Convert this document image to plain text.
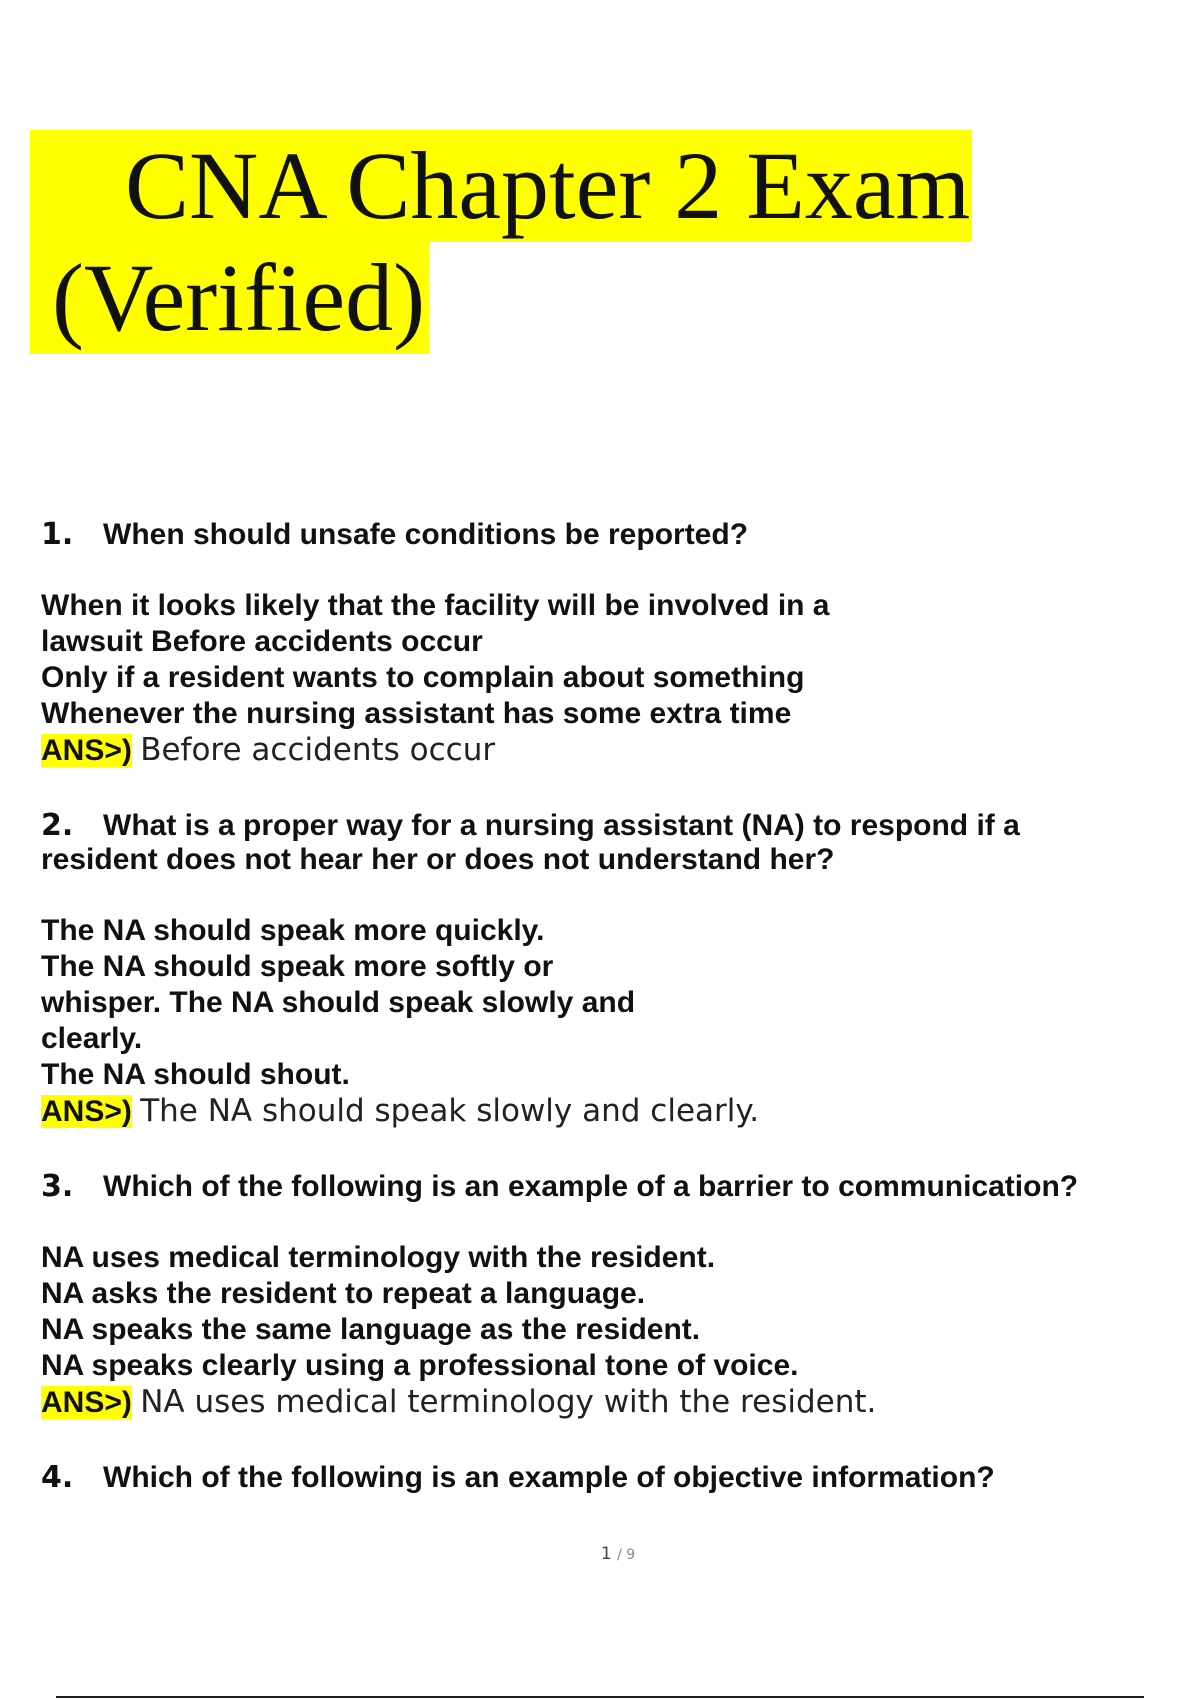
CNA Chapter 2 Exam
(Verified)
1. When should unsafe conditions be reported?
When it looks likely that the facility will be involved in a
lawsuit Before accidents occur
Only if a resident wants to complain about something
Whenever the nursing assistant has some extra time
ANS>) Before accidents occur
2. What is a proper way for a nursing assistant (NA) to respond if a
resident does not hear her or does not understand her?
The NA should speak more quickly.
The NA should speak more softly or
whisper. The NA should speak slowly and
clearly.
The NA should shout.
ANS>) The NA should speak slowly and clearly.
3. Which of the following is an example of a barrier to communication?
NA uses medical terminology with the resident.
NA asks the resident to repeat a language.
NA speaks the same language as the resident.
NA speaks clearly using a professional tone of voice.
ANS>) NA uses medical terminology with the resident.
4. Which of the following is an example of objective information?
1 / 9
